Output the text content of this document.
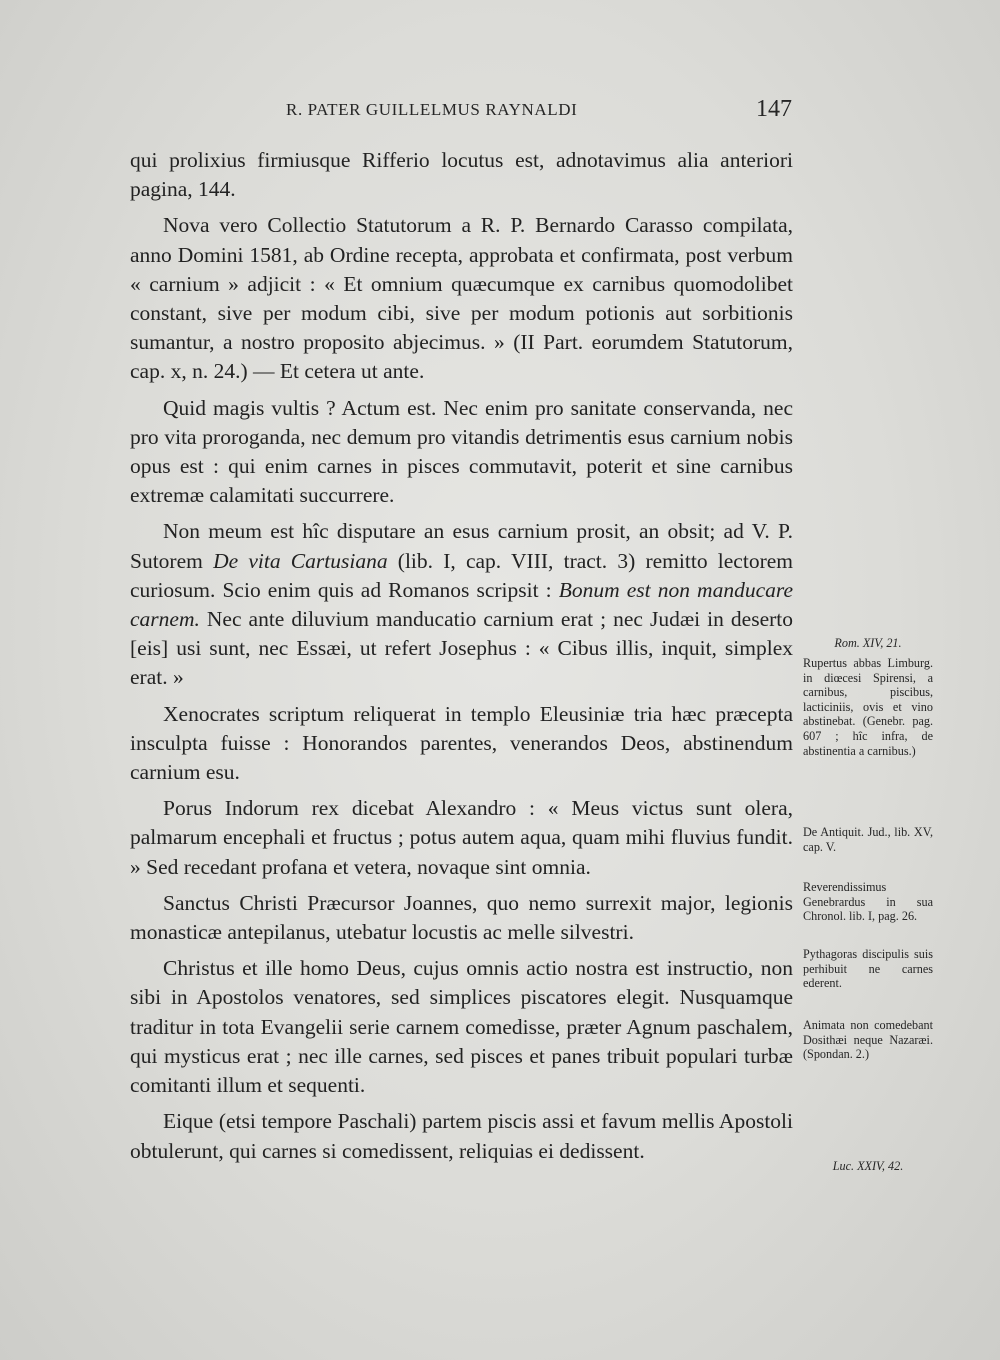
R. PATER GUILLELMUS RAYNALDI	147

qui prolixius firmiusque Rifferio locutus est, adnotavimus alia anteriori pagina, 144.

Nova vero Collectio Statutorum a R. P. Bernardo Carasso compilata, anno Domini 1581, ab Ordine recepta, approbata et confirmata, post verbum « carnium » adjicit : « Et omnium quæcumque ex carnibus quomodolibet constant, sive per modum cibi, sive per modum potionis aut sorbitionis sumantur, a nostro proposito abjecimus. » (II Part. eorumdem Statutorum, cap. x, n. 24.) — Et cetera ut ante.

Quid magis vultis ? Actum est. Nec enim pro sanitate conservanda, nec pro vita proroganda, nec demum pro vitandis detrimentis esus carnium nobis opus est : qui enim carnes in pisces commutavit, poterit et sine carnibus extremæ calamitati succurrere.

Non meum est hîc disputare an esus carnium prosit, an obsit; ad V. P. Sutorem De vita Cartusiana (lib. I, cap. VIII, tract. 3) remitto lectorem curiosum. Scio enim quis ad Romanos scripsit : Bonum est non manducare carnem. Nec ante diluvium manducatio carnium erat ; nec Judæi in deserto [eis] usi sunt, nec Essæi, ut refert Josephus : « Cibus illis, inquit, simplex erat. »

Xenocrates scriptum reliquerat in templo Eleusiniæ tria hæc præcepta insculpta fuisse : Honorandos parentes, venerandos Deos, abstinendum carnium esu.

Porus Indorum rex dicebat Alexandro : « Meus victus sunt olera, palmarum encephali et fructus ; potus autem aqua, quam mihi fluvius fundit. » Sed recedant profana et vetera, novaque sint omnia.

Sanctus Christi Præcursor Joannes, quo nemo surrexit major, legionis monasticæ antepilanus, utebatur locustis ac melle silvestri.

Christus et ille homo Deus, cujus omnis actio nostra est instructio, non sibi in Apostolos venatores, sed simplices piscatores elegit. Nusquamque traditur in tota Evangelii serie carnem comedisse, præter Agnum paschalem, qui mysticus erat ; nec ille carnes, sed pisces et panes tribuit populari turbæ comitanti illum et sequenti.

Eique (etsi tempore Paschali) partem piscis assi et favum mellis Apostoli obtulerunt, qui carnes si comedissent, reliquias ei dedissent.

Rom. XIV, 21.
Rupertus abbas Limburg. in diœcesi Spirensi, a carnibus, piscibus, lacticiniis, ovis et vino abstinebat. (Genebr. pag. 607 ; hîc infra, de abstinentia a carnibus.)
De Antiquit. Jud., lib. XV, cap. V.
Reverendissimus Genebrardus in sua Chronol. lib. I, pag. 26.
Pythagoras discipulis suis perhibuit ne carnes ederent.
Animata non comedebant Dosithæi neque Nazaræi. (Spondan. 2.)
Luc. XXIV, 42.
